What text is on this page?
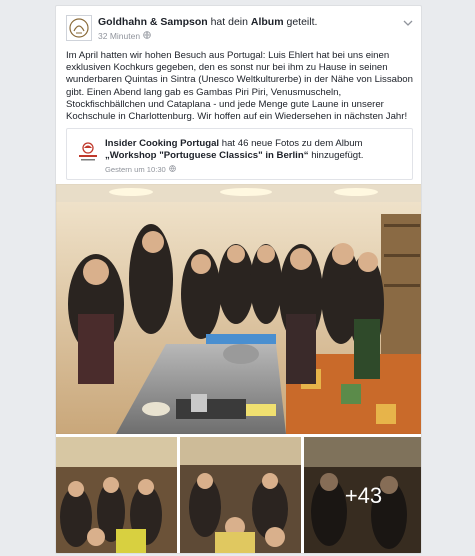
Goldhahn & Sampson hat dein Album geteilt.
32 Minuten
Im April hatten wir hohen Besuch aus Portugal: Luis Ehlert hat bei uns einen exklusiven Kochkurs gegeben, den es sonst nur bei ihm zu Hause in seinen wunderbaren Quintas in Sintra (Unesco Weltkulturerbe) in der Nähe von Lissabon gibt. Einen Abend lang gab es Gambas Piri Piri, Venusmuscheln, Stockfischbällchen und Cataplana - und jede Menge gute Laune in unserer Kochschule in Charlottenburg. Wir hoffen auf ein Wiedersehen in nächsten Jahr!
Insider Cooking Portugal hat 46 neue Fotos zu dem Album „Workshop "Portuguese Classics" in Berlin“ hinzugefügt.
Gestern um 10:30
+43
